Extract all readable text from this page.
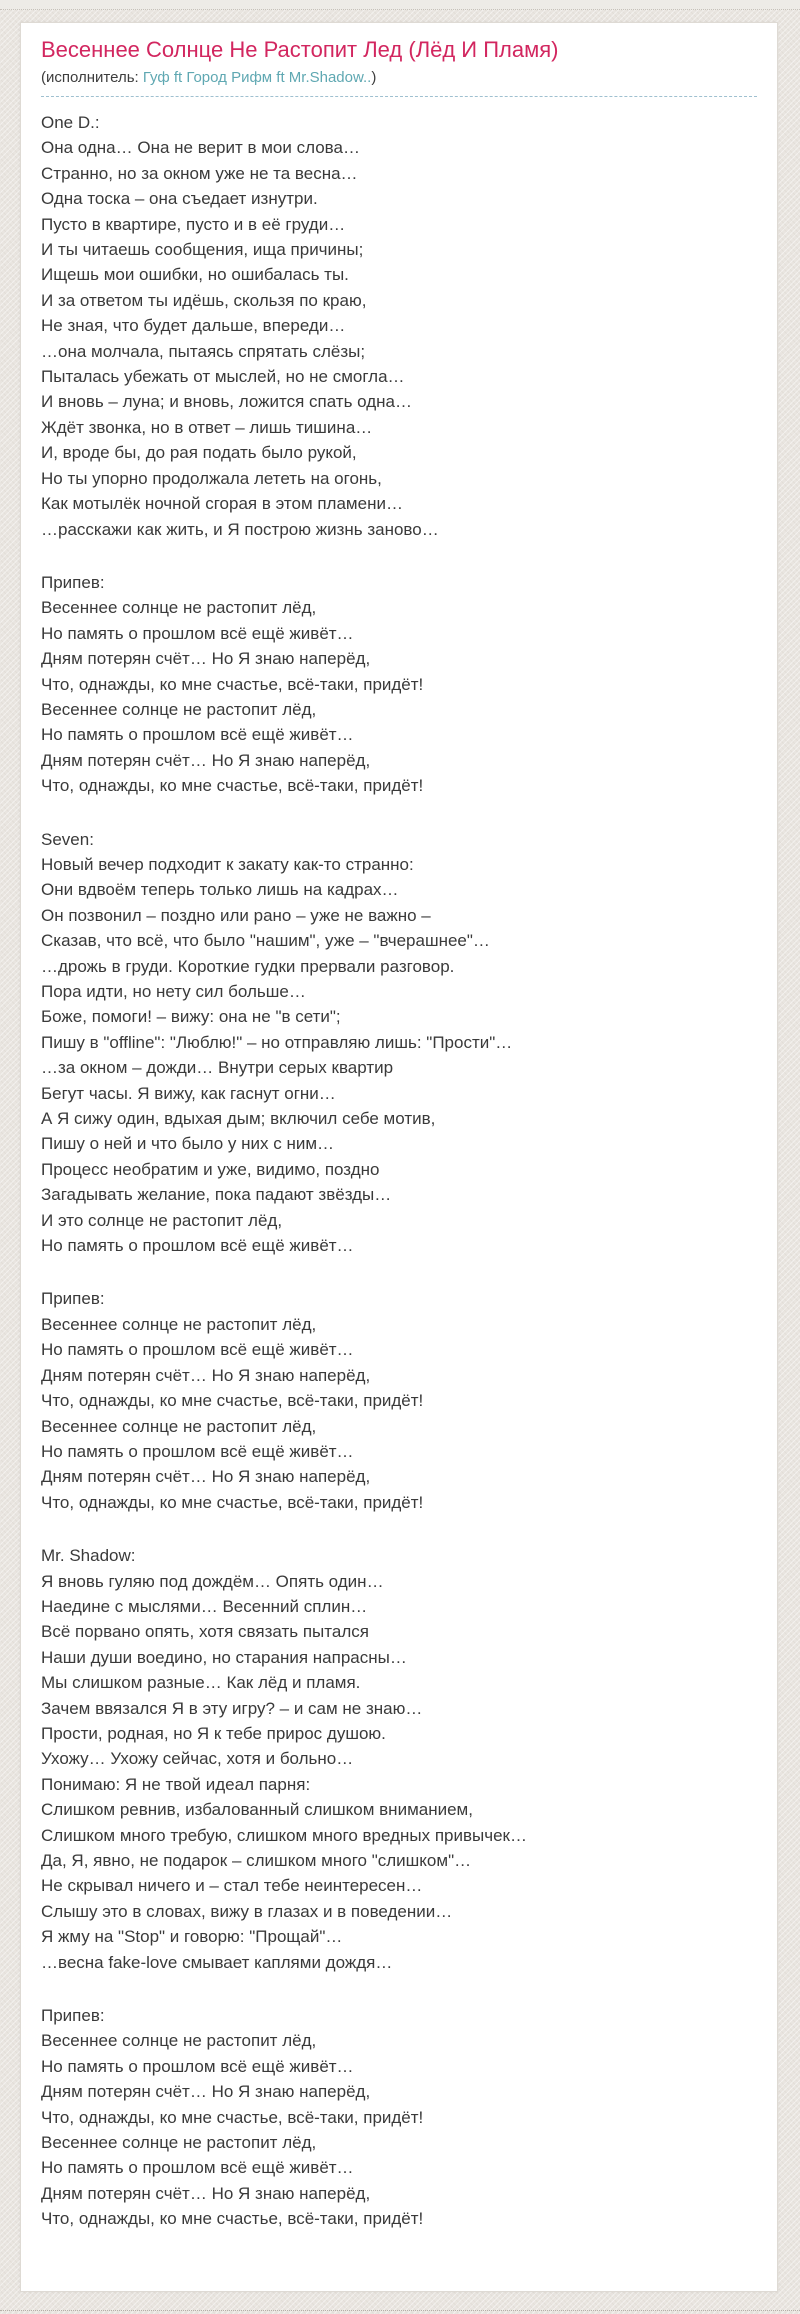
Весеннее Солнце Не Растопит Лед (Лёд И Пламя)
(исполнитель: Гуф ft Город Рифм ft Mr.Shadow..)
One D.:
Она одна… Она не верит в мои слова…
Странно, но за окном уже не та весна…
Одна тоска – она съедает изнутри.
Пусто в квартире, пусто и в её груди…
И ты читаешь сообщения, ища причины;
Ищешь мои ошибки, но ошибалась ты.
И за ответом ты идёшь, скользя по краю,
Не зная, что будет дальше, впереди…
…она молчала, пытаясь спрятать слёзы;
Пыталась убежать от мыслей, но не смогла…
И вновь – луна; и вновь, ложится спать одна…
Ждёт звонка, но в ответ – лишь тишина…
И, вроде бы, до рая подать было рукой,
Но ты упорно продолжала лететь на огонь,
Как мотылёк ночной сгорая в этом пламени…
…расскажи как жить, и Я построю жизнь заново…
Припев:
Весеннее солнце не растопит лёд,
Но память о прошлом всё ещё живёт…
Дням потерян счёт… Но Я знаю наперёд,
Что, однажды, ко мне счастье, всё-таки, придёт!
Весеннее солнце не растопит лёд,
Но память о прошлом всё ещё живёт…
Дням потерян счёт… Но Я знаю наперёд,
Что, однажды, ко мне счастье, всё-таки, придёт!
Seven:
Новый вечер подходит к закату как-то странно:
Они вдвоём теперь только лишь на кадрах…
Он позвонил – поздно или рано – уже не важно –
Сказав, что всё, что было "нашим", уже – "вчерашнее"…
…дрожь в груди. Короткие гудки прервали разговор.
Пора идти, но нету сил больше…
Боже, помоги! – вижу: она не "в сети";
Пишу в "offline": "Люблю!" – но отправляю лишь: "Прости"…
…за окном – дожди… Внутри серых квартир
Бегут часы. Я вижу, как гаснут огни…
А Я сижу один, вдыхая дым; включил себе мотив,
Пишу о ней и что было у них с ним…
Процесс необратим и уже, видимо, поздно
Загадывать желание, пока падают звёзды…
И это солнце не растопит лёд,
Но память о прошлом всё ещё живёт…
Припев:
Весеннее солнце не растопит лёд,
Но память о прошлом всё ещё живёт…
Дням потерян счёт… Но Я знаю наперёд,
Что, однажды, ко мне счастье, всё-таки, придёт!
Весеннее солнце не растопит лёд,
Но память о прошлом всё ещё живёт…
Дням потерян счёт… Но Я знаю наперёд,
Что, однажды, ко мне счастье, всё-таки, придёт!
Mr. Shadow:
Я вновь гуляю под дождём… Опять один…
Наедине с мыслями… Весенний сплин…
Всё порвано опять, хотя связать пытался
Наши души воедино, но старания напрасны…
Мы слишком разные… Как лёд и пламя.
Зачем ввязался Я в эту игру? – и сам не знаю…
Прости, родная, но Я к тебе прирос душою.
Ухожу… Ухожу сейчас, хотя и больно…
Понимаю: Я не твой идеал парня:
Слишком ревнив, избалованный слишком вниманием,
Слишком много требую, слишком много вредных привычек…
Да, Я, явно, не подарок – слишком много "слишком"…
Не скрывал ничего и – стал тебе неинтересен…
Слышу это в словах, вижу в глазах и в поведении…
Я жму на "Stop" и говорю: "Прощай"…
…весна fake-love смывает каплями дождя…
Припев:
Весеннее солнце не растопит лёд,
Но память о прошлом всё ещё живёт…
Дням потерян счёт… Но Я знаю наперёд,
Что, однажды, ко мне счастье, всё-таки, придёт!
Весеннее солнце не растопит лёд,
Но память о прошлом всё ещё живёт…
Дням потерян счёт… Но Я знаю наперёд,
Что, однажды, ко мне счастье, всё-таки, придёт!
